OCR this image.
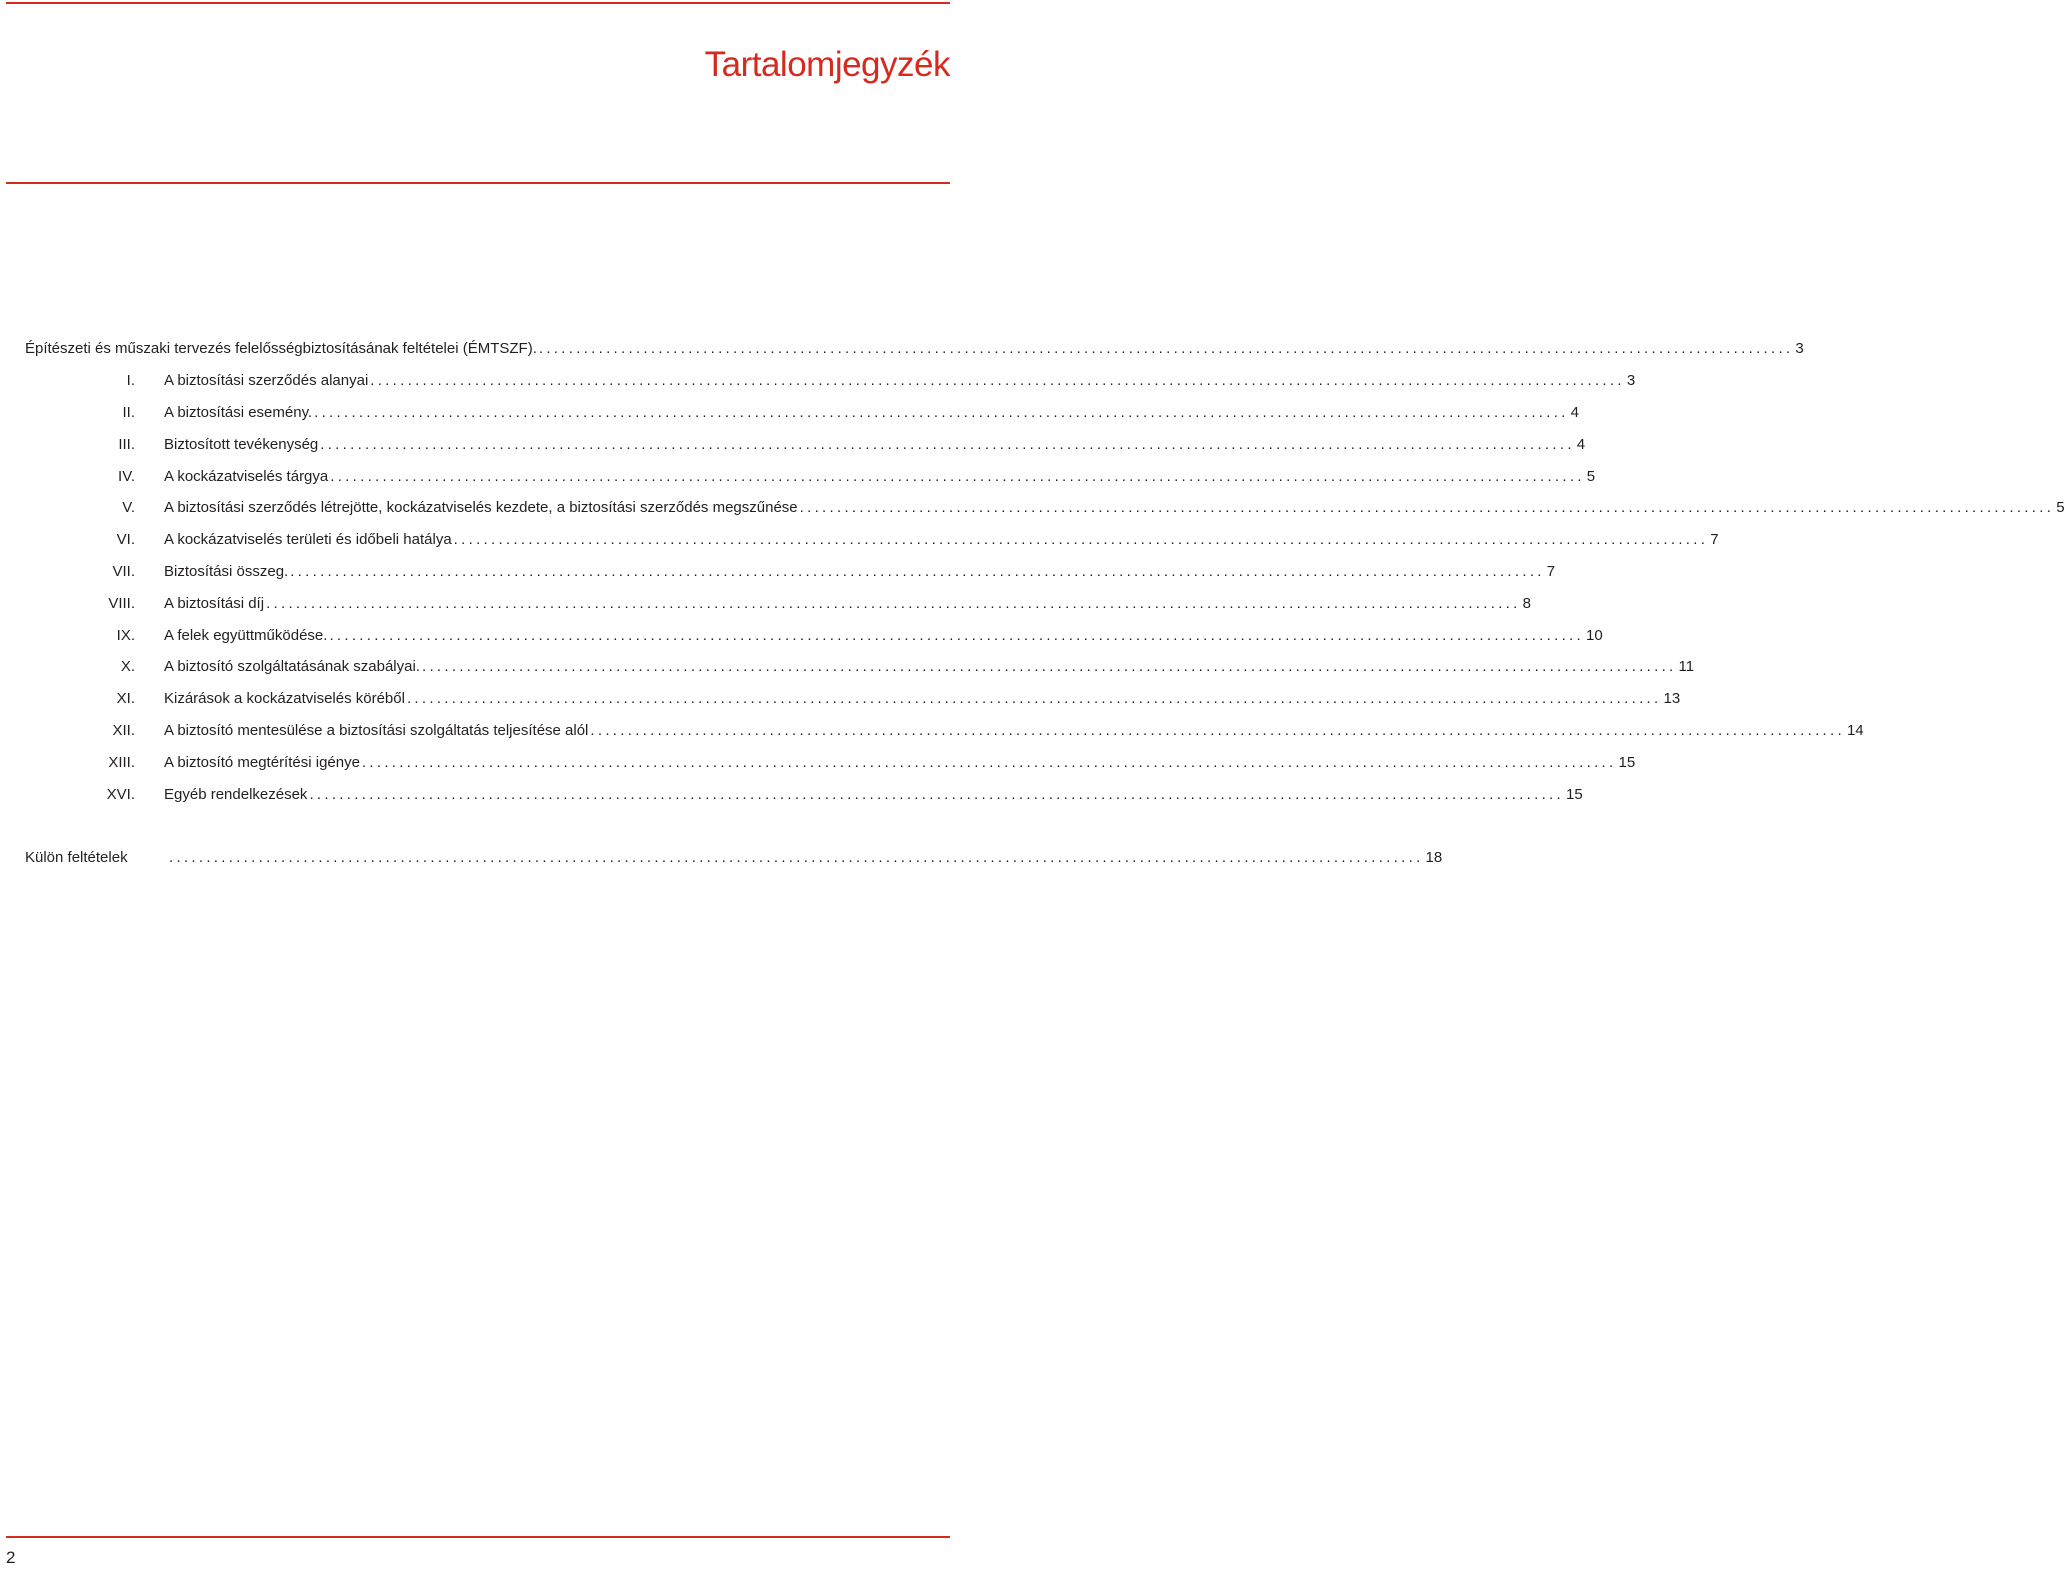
Tartalomjegyzék
Építészeti és műszaki tervezés felelősségbiztosításának feltételei (ÉMTSZF). ........................................................................................................................................................................ 3
I. A biztosítási szerződés alanyai ........................................................................................................................................................................ 3
II. A biztosítási esemény. ........................................................................................................................................................................ 4
III. Biztosított tevékenység ........................................................................................................................................................................ 4
IV. A kockázatviselés tárgya ........................................................................................................................................................................ 5
V. A biztosítási szerződés létrejötte, kockázatviselés kezdete, a biztosítási szerződés megszűnése ........................................................................................................................................................................ 5
VI. A kockázatviselés területi és időbeli hatálya ........................................................................................................................................................................ 7
VII. Biztosítási összeg. ........................................................................................................................................................................ 7
VIII. A biztosítási díj ........................................................................................................................................................................ 8
IX. A felek együttműködése. ........................................................................................................................................................................ 10
X. A biztosító szolgáltatásának szabályai. ........................................................................................................................................................................ 11
XI. Kizárások a kockázatviselés köréből ........................................................................................................................................................................ 13
XII. A biztosító mentesülése a biztosítási szolgáltatás teljesítése alól ........................................................................................................................................................................ 14
XIII. A biztosító megtérítési igénye ........................................................................................................................................................................ 15
XVI. Egyéb rendelkezések ........................................................................................................................................................................ 15
Külön feltételek	........................................................................................................................................................................ 18
2
